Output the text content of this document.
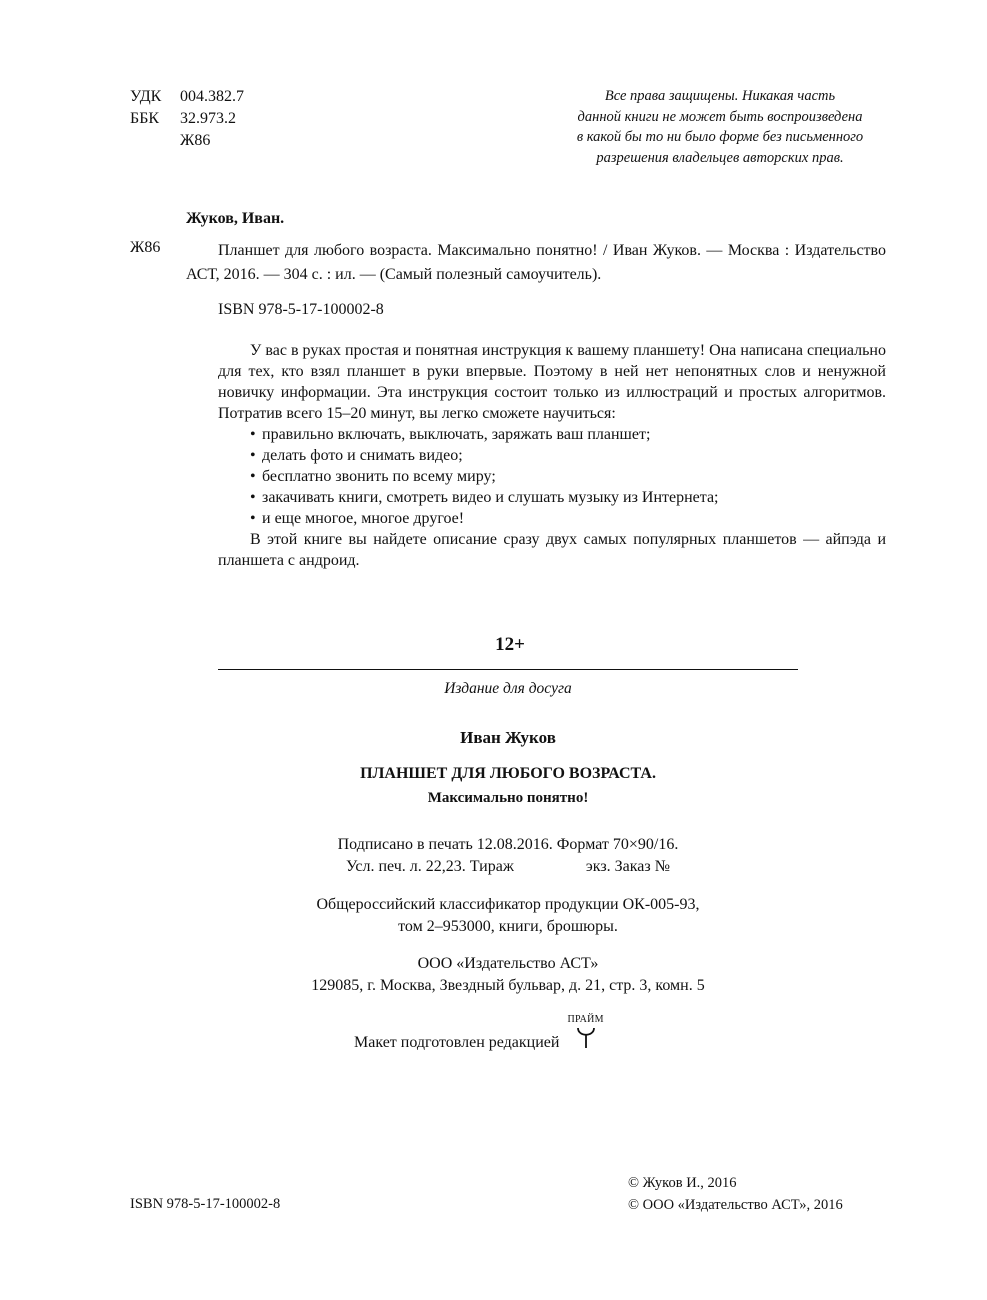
УДК 004.382.7
ББК 32.973.2
Ж86
Все права защищены. Никакая часть
данной книги не может быть воспроизведена
в какой бы то ни было форме без письменного
разрешения владельцев авторских прав.
Жуков, Иван.
Ж86	Планшет для любого возраста. Максимально понятно! / Иван Жуков. — Москва : Издательство АСТ, 2016. — 304 с. : ил. — (Самый полезный самоучитель).
ISBN 978-5-17-100002-8

У вас в руках простая и понятная инструкция к вашему планшету! Она написана специально для тех, кто взял планшет в руки впервые. Поэтому в ней нет непонятных слов и ненужной новичку информации. Эта инструкция состоит только из иллюстраций и простых алгоритмов. Потратив всего 15–20 минут, вы легко сможете научиться:

• правильно включать, выключать, заряжать ваш планшет;
• делать фото и снимать видео;
• бесплатно звонить по всему миру;
• закачивать книги, смотреть видео и слушать музыку из Интернета;
• и еще многое, многое другое!

В этой книге вы найдете описание сразу двух самых популярных планшетов — айпэда и планшета с андроид.

12+
Издание для досуга
Иван Жуков
ПЛАНШЕТ ДЛЯ ЛЮБОГО ВОЗРАСТА.
Максимально понятно!
Подписано в печать 12.08.2016. Формат 70×90/16.
Усл. печ. л. 22,23. Тираж	экз. Заказ №
Общероссийский классификатор продукции ОК-005-93,
том 2–953000, книги, брошюры.
ООО «Издательство АСТ»
129085, г. Москва, Звездный бульвар, д. 21, стр. 3, комн. 5
Макет подготовлен редакцией
ПРАЙМ
ISBN 978-5-17-100002-8
© Жуков И., 2016
© ООО «Издательство АСТ», 2016
